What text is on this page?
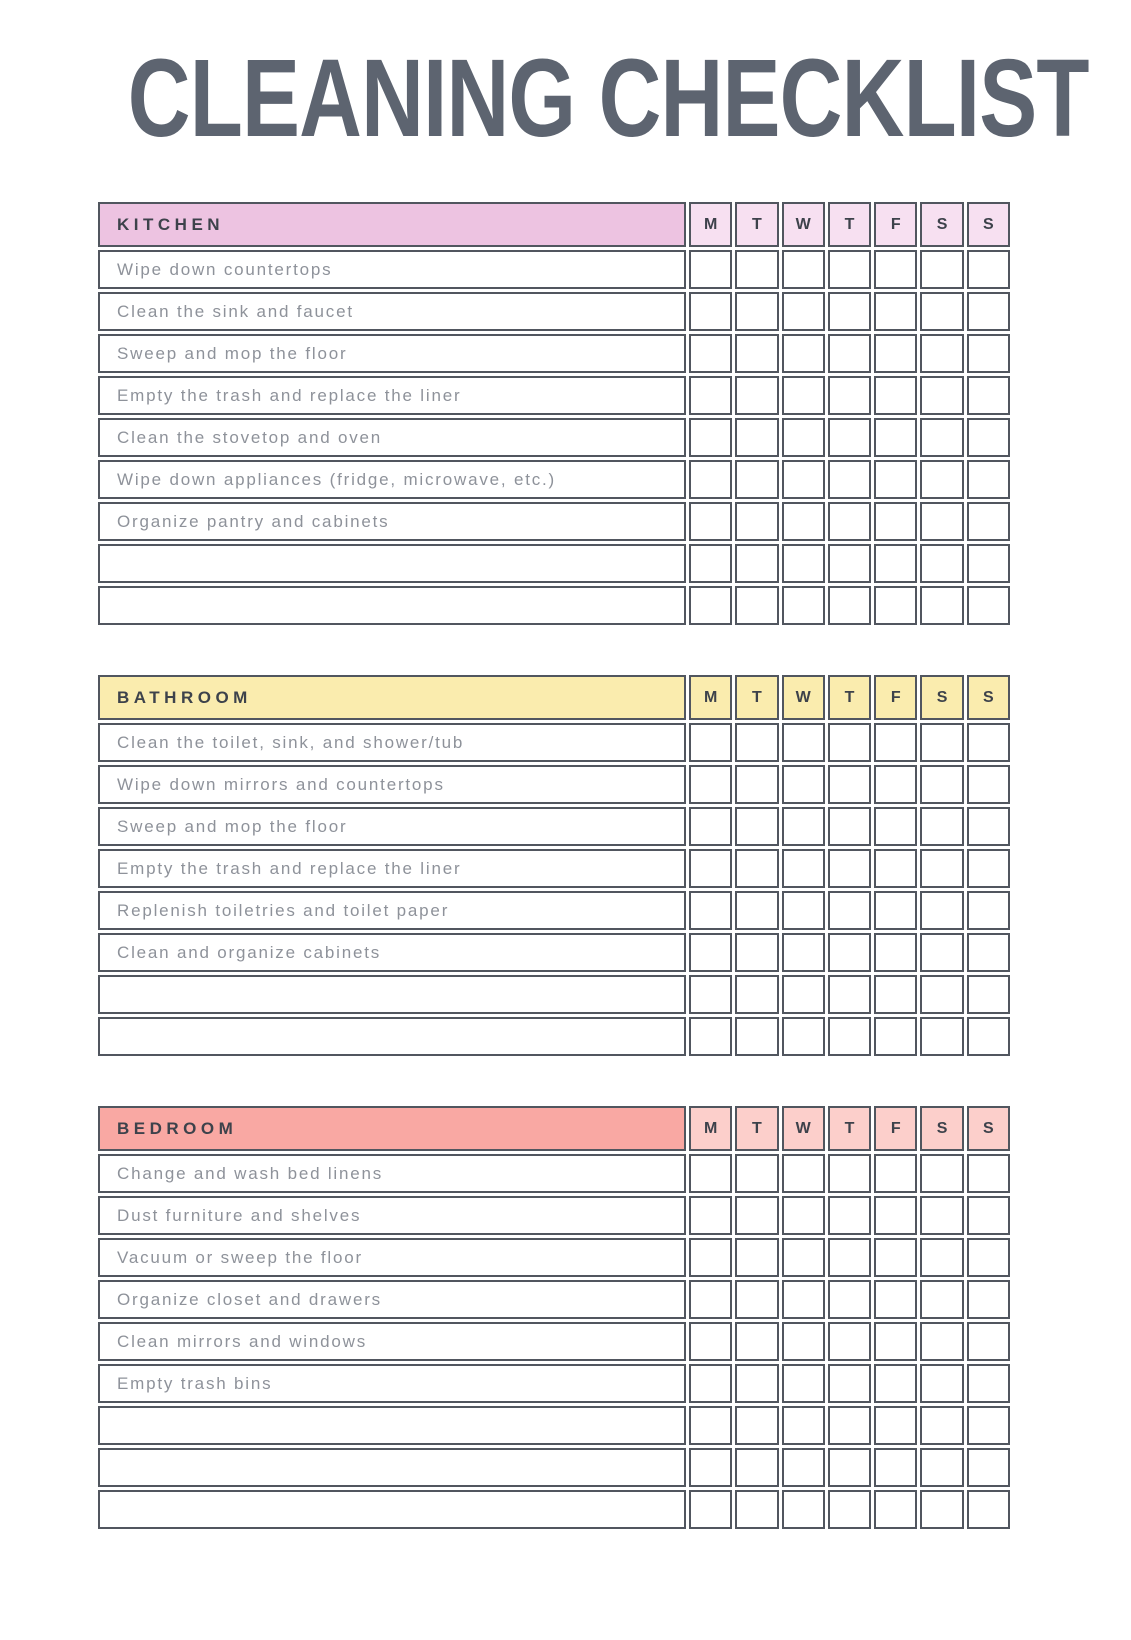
CLEANING CHECKLIST
KITCHEN	M	T	W	T	F	S	S
Wipe down countertops							
Clean the sink and faucet							
Sweep and mop the floor							
Empty the trash and replace the liner							
Clean the stovetop and oven							
Wipe down appliances (fridge, microwave, etc.)							
Organize pantry and cabinets							

BATHROOM	M	T	W	T	F	S	S
Clean the toilet, sink, and shower/tub							
Wipe down mirrors and countertops							
Sweep and mop the floor							
Empty the trash and replace the liner							
Replenish toiletries and toilet paper							
Clean and organize cabinets							

BEDROOM	M	T	W	T	F	S	S
Change and wash bed linens							
Dust furniture and shelves							
Vacuum or sweep the floor							
Organize closet and drawers							
Clean mirrors and windows							
Empty trash bins							
